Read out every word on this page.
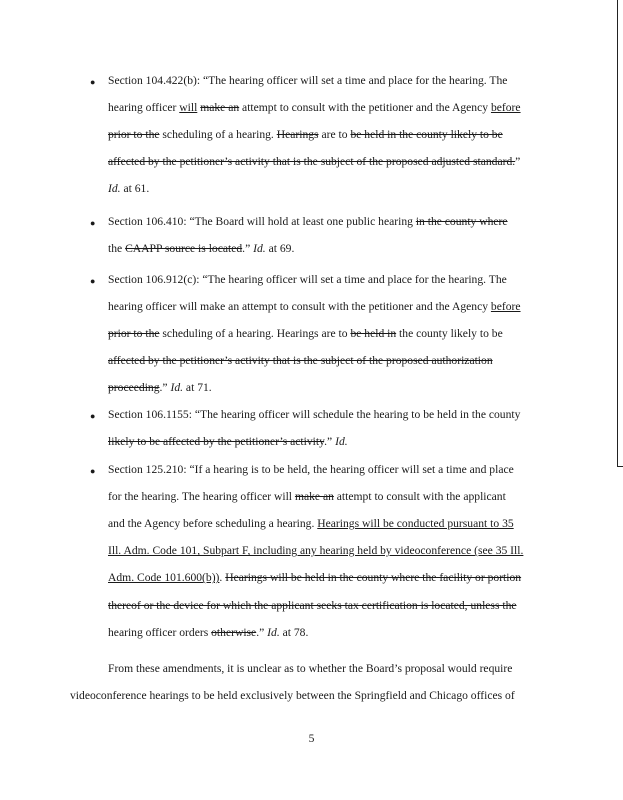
● Section 104.422(b): “The hearing officer will set a time and place for the hearing. The
hearing officer will make an attempt to consult with the petitioner and the Agency before
prior to the scheduling of a hearing. Hearings are to be held in the county likely to be
affected by the petitioner’s activity that is the subject of the proposed adjusted standard.”
Id. at 61.
● Section 106.410: “The Board will hold at least one public hearing in the county where
the CAAPP source is located.” Id. at 69.
● Section 106.912(c): “The hearing officer will set a time and place for the hearing. The
hearing officer will make an attempt to consult with the petitioner and the Agency before
prior to the scheduling of a hearing. Hearings are to be held in the county likely to be
affected by the petitioner’s activity that is the subject of the proposed authorization
proceeding.” Id. at 71.
● Section 106.1155: “The hearing officer will schedule the hearing to be held in the county
likely to be affected by the petitioner’s activity.” Id.
● Section 125.210: “If a hearing is to be held, the hearing officer will set a time and place
for the hearing. The hearing officer will make an attempt to consult with the applicant
and the Agency before scheduling a hearing. Hearings will be conducted pursuant to 35
Ill. Adm. Code 101, Subpart F, including any hearing held by videoconference (see 35 Ill.
Adm. Code 101.600(b)). Hearings will be held in the county where the facility or portion
thereof or the device for which the applicant seeks tax certification is located, unless the
hearing officer orders otherwise.” Id. at 78.
From these amendments, it is unclear as to whether the Board’s proposal would require
videoconference hearings to be held exclusively between the Springfield and Chicago offices of
5
